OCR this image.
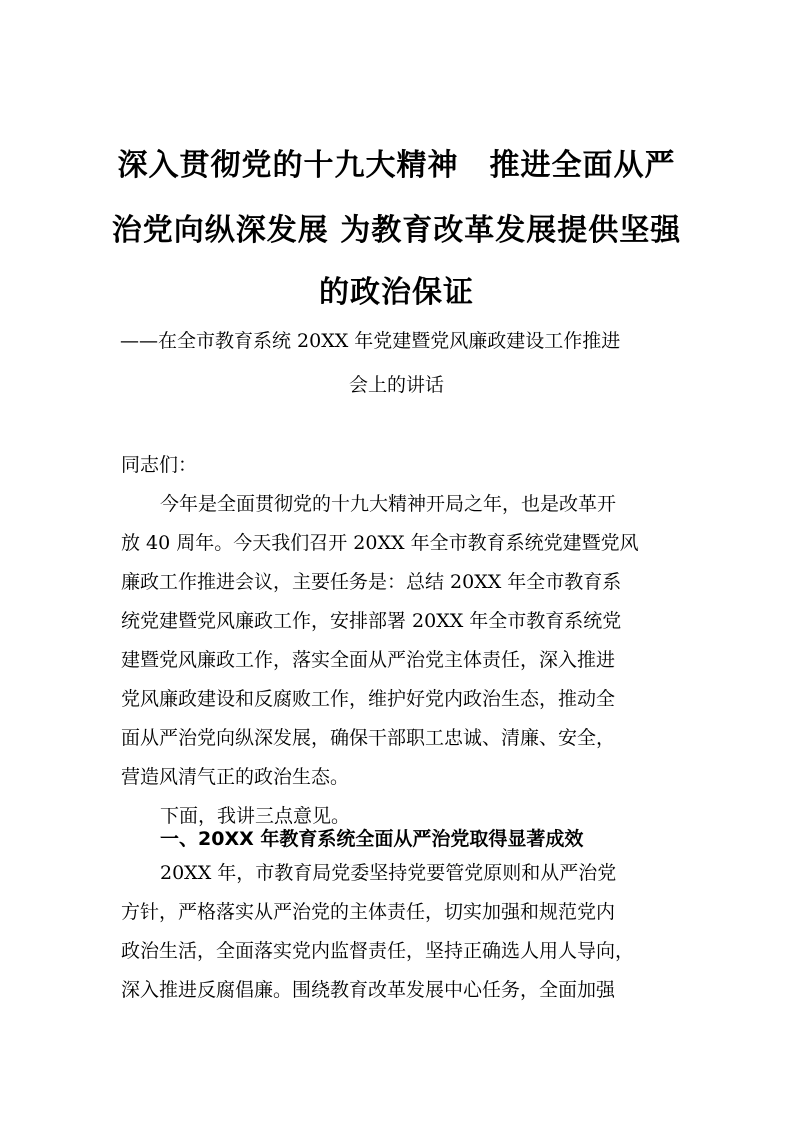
深入贯彻党的十九大精神　推进全面从严
治党向纵深发展 为教育改革发展提供坚强
的政治保证
——在全市教育系统 20XX 年党建暨党风廉政建设工作推进
会上的讲话
同志们：
今年是全面贯彻党的十九大精神开局之年，也是改革开
放 40 周年。今天我们召开 20XX 年全市教育系统党建暨党风
廉政工作推进会议，主要任务是：总结 20XX 年全市教育系
统党建暨党风廉政工作，安排部署 20XX 年全市教育系统党
建暨党风廉政工作，落实全面从严治党主体责任，深入推进
党风廉政建设和反腐败工作，维护好党内政治生态，推动全
面从严治党向纵深发展，确保干部职工忠诚、清廉、安全，
营造风清气正的政治生态。
下面，我讲三点意见。
一、20XX 年教育系统全面从严治党取得显著成效
20XX 年，市教育局党委坚持党要管党原则和从严治党
方针，严格落实从严治党的主体责任，切实加强和规范党内
政治生活，全面落实党内监督责任，坚持正确选人用人导向，
深入推进反腐倡廉。围绕教育改革发展中心任务，全面加强
